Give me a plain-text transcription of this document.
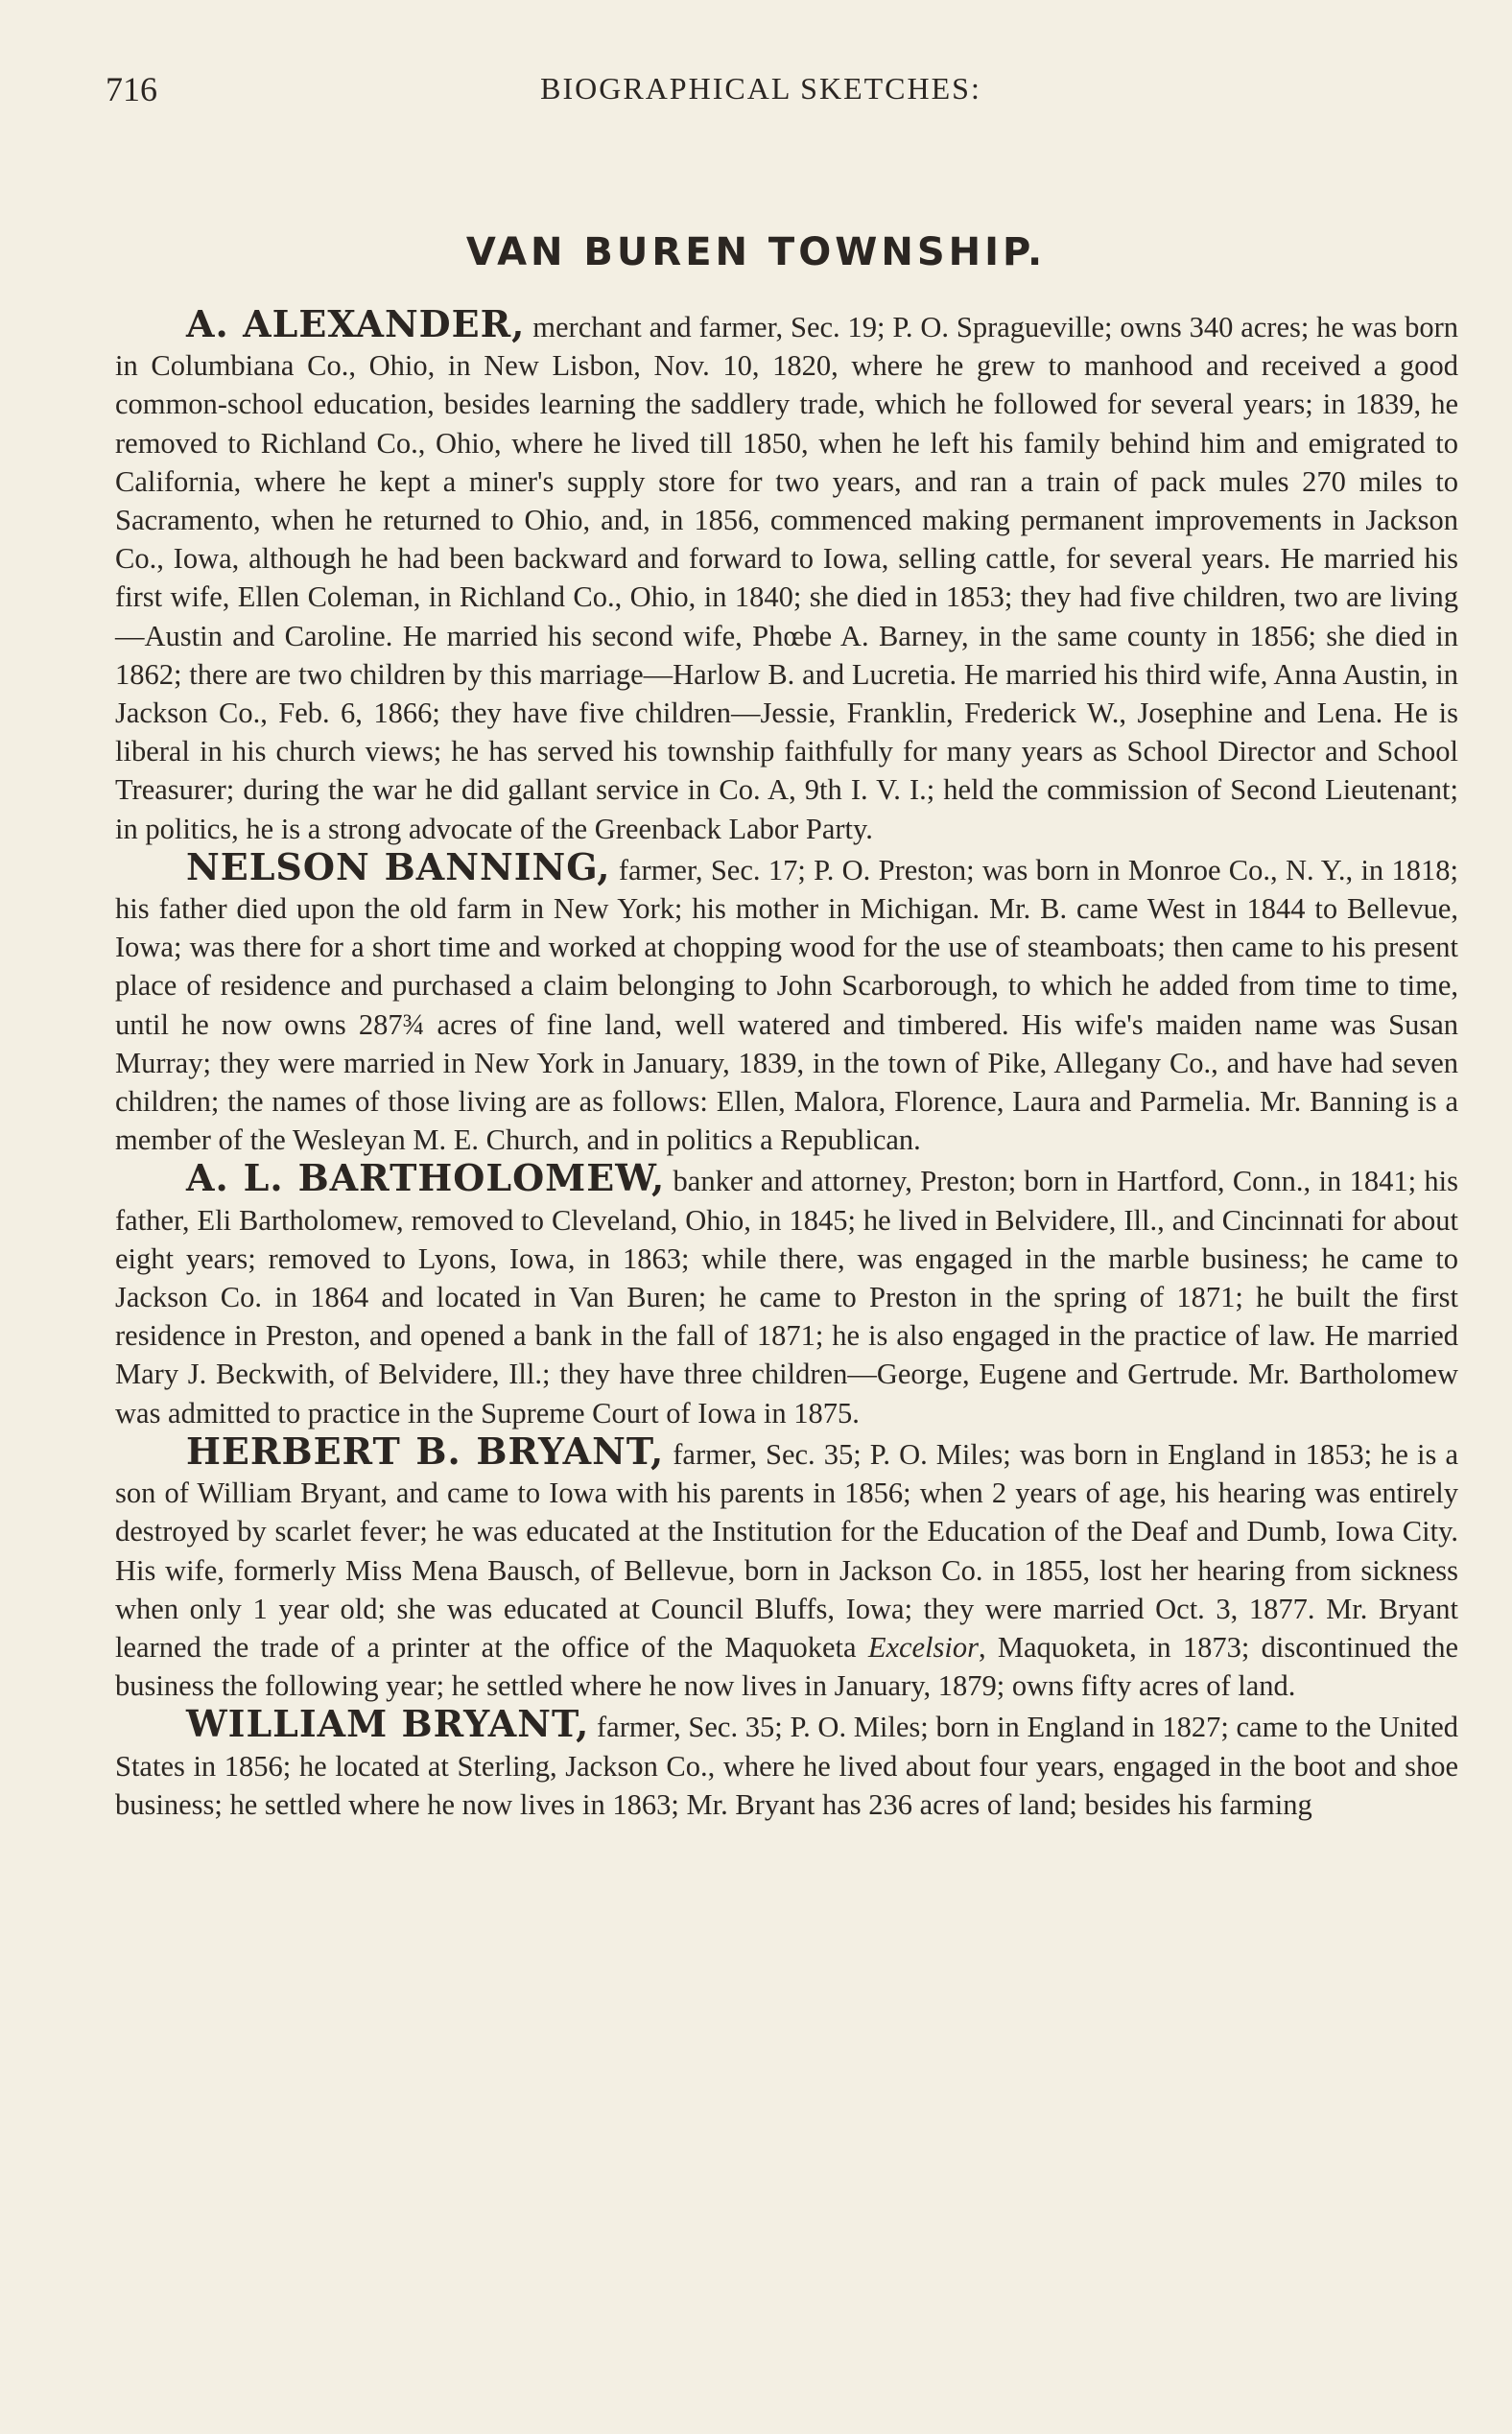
716	BIOGRAPHICAL SKETCHES:
VAN BUREN TOWNSHIP.

A. ALEXANDER, merchant and farmer, Sec. 19; P. O. Spragueville; owns 340 acres; he was born in Columbiana Co., Ohio, in New Lisbon, Nov. 10, 1820, where he grew to manhood and received a good common-school education, besides learning the saddlery trade, which he followed for several years; in 1839, he removed to Richland Co., Ohio, where he lived till 1850, when he left his family behind him and emigrated to California, where he kept a miner's supply store for two years, and ran a train of pack mules 270 miles to Sacramento, when he returned to Ohio, and, in 1856, commenced making permanent improvements in Jackson Co., Iowa, although he had been backward and forward to Iowa, selling cattle, for several years. He married his first wife, Ellen Coleman, in Richland Co., Ohio, in 1840; she died in 1853; they had five children, two are living—Austin and Caroline. He married his second wife, Phœbe A. Barney, in the same county in 1856; she died in 1862; there are two children by this marriage—Harlow B. and Lucretia. He married his third wife, Anna Austin, in Jackson Co., Feb. 6, 1866; they have five children—Jessie, Franklin, Frederick W., Josephine and Lena. He is liberal in his church views; he has served his township faithfully for many years as School Director and School Treasurer; during the war he did gallant service in Co. A, 9th I. V. I.; held the commission of Second Lieutenant; in politics, he is a strong advocate of the Greenback Labor Party.

NELSON BANNING, farmer, Sec. 17; P. O. Preston; was born in Monroe Co., N. Y., in 1818; his father died upon the old farm in New York; his mother in Michigan. Mr. B. came West in 1844 to Bellevue, Iowa; was there for a short time and worked at chopping wood for the use of steamboats; then came to his present place of residence and purchased a claim belonging to John Scarborough, to which he added from time to time, until he now owns 287¾ acres of fine land, well watered and timbered. His wife's maiden name was Susan Murray; they were married in New York in January, 1839, in the town of Pike, Allegany Co., and have had seven children; the names of those living are as follows: Ellen, Malora, Florence, Laura and Parmelia. Mr. Banning is a member of the Wesleyan M. E. Church, and in politics a Republican.

A. L. BARTHOLOMEW, banker and attorney, Preston; born in Hartford, Conn., in 1841; his father, Eli Bartholomew, removed to Cleveland, Ohio, in 1845; he lived in Belvidere, Ill., and Cincinnati for about eight years; removed to Lyons, Iowa, in 1863; while there, was engaged in the marble business; he came to Jackson Co. in 1864 and located in Van Buren; he came to Preston in the spring of 1871; he built the first residence in Preston, and opened a bank in the fall of 1871; he is also engaged in the practice of law. He married Mary J. Beckwith, of Belvidere, Ill.; they have three children—George, Eugene and Gertrude. Mr. Bartholomew was admitted to practice in the Supreme Court of Iowa in 1875.

HERBERT B. BRYANT, farmer, Sec. 35; P. O. Miles; was born in England in 1853; he is a son of William Bryant, and came to Iowa with his parents in 1856; when 2 years of age, his hearing was entirely destroyed by scarlet fever; he was educated at the Institution for the Education of the Deaf and Dumb, Iowa City. His wife, formerly Miss Mena Bausch, of Bellevue, born in Jackson Co. in 1855, lost her hearing from sickness when only 1 year old; she was educated at Council Bluffs, Iowa; they were married Oct. 3, 1877. Mr. Bryant learned the trade of a printer at the office of the Maquoketa Excelsior, Maquoketa, in 1873; discontinued the business the following year; he settled where he now lives in January, 1879; owns fifty acres of land.

WILLIAM BRYANT, farmer, Sec. 35; P. O. Miles; born in England in 1827; came to the United States in 1856; he located at Sterling, Jackson Co., where he lived about four years, engaged in the boot and shoe business; he settled where he now lives in 1863; Mr. Bryant has 236 acres of land; besides his farming
